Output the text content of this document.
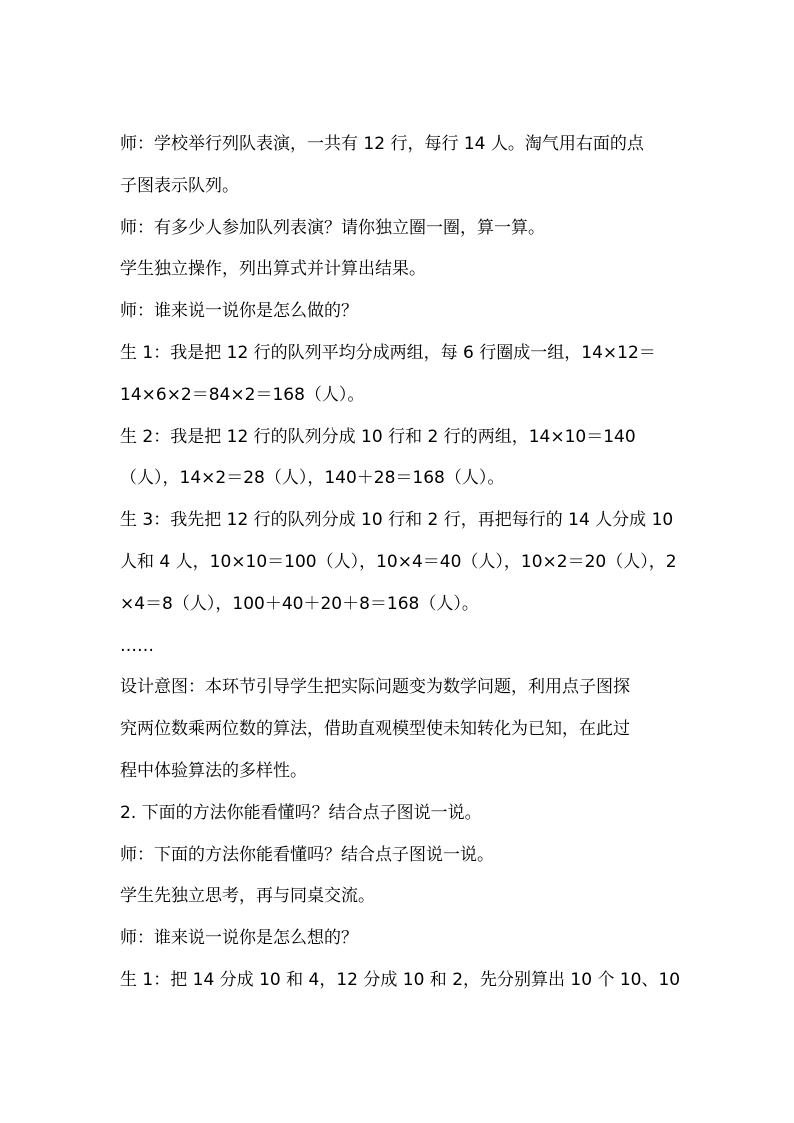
师：学校举行列队表演，一共有 12 行，每行 14 人。淘气用右面的点
子图表示队列。
师：有多少人参加队列表演？请你独立圈一圈，算一算。
学生独立操作，列出算式并计算出结果。
师：谁来说一说你是怎么做的？
生 1：我是把 12 行的队列平均分成两组，每 6 行圈成一组，14×12＝
14×6×2＝84×2＝168（人）。
生 2：我是把 12 行的队列分成 10 行和 2 行的两组，14×10＝140
（人），14×2＝28（人），140＋28＝168（人）。
生 3：我先把 12 行的队列分成 10 行和 2 行，再把每行的 14 人分成 10
人和 4 人，10×10＝100（人），10×4＝40（人），10×2＝20（人），2
×4＝8（人），100＋40＋20＋8＝168（人）。
……
设计意图：本环节引导学生把实际问题变为数学问题，利用点子图探
究两位数乘两位数的算法，借助直观模型使未知转化为已知，在此过
程中体验算法的多样性。
2. 下面的方法你能看懂吗？结合点子图说一说。
师：下面的方法你能看懂吗？结合点子图说一说。
学生先独立思考，再与同桌交流。
师：谁来说一说你是怎么想的？
生 1：把 14 分成 10 和 4，12 分成 10 和 2，先分别算出 10 个 10、10
